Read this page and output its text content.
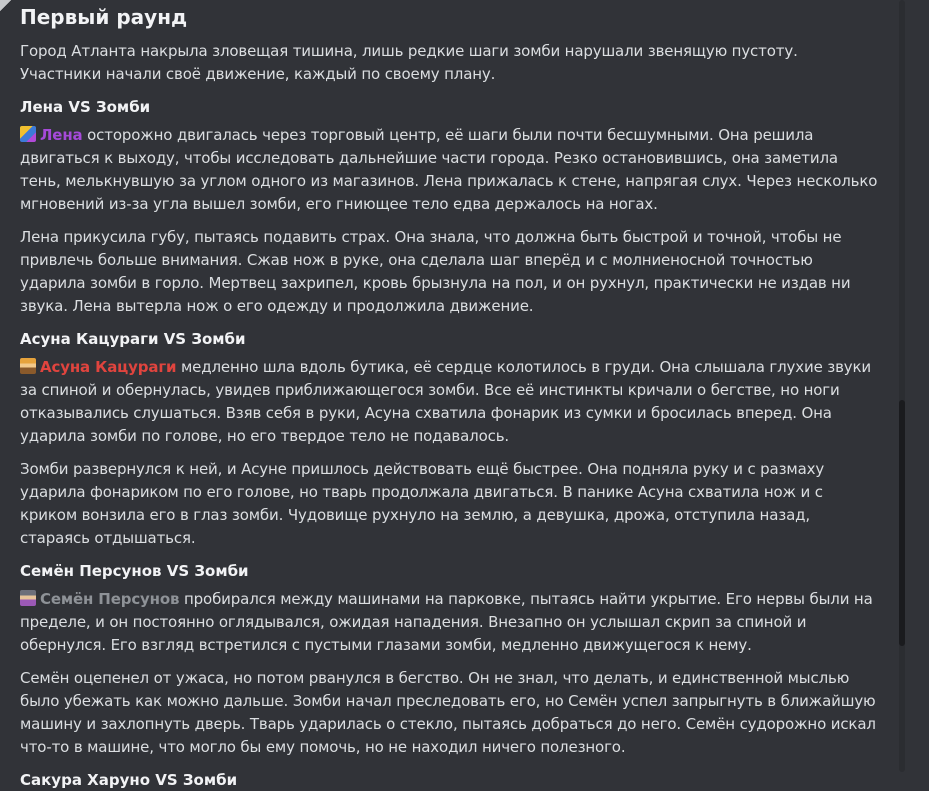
Первый раунд

Город Атланта накрыла зловещая тишина, лишь редкие шаги зомби нарушали звенящую пустоту. Участники начали своё движение, каждый по своему плану.

Лена VS Зомби

Лена осторожно двигалась через торговый центр, её шаги были почти бесшумными. Она решила двигаться к выходу, чтобы исследовать дальнейшие части города. Резко остановившись, она заметила тень, мелькнувшую за углом одного из магазинов. Лена прижалась к стене, напрягая слух. Через несколько мгновений из-за угла вышел зомби, его гниющее тело едва держалось на ногах.

Лена прикусила губу, пытаясь подавить страх. Она знала, что должна быть быстрой и точной, чтобы не привлечь больше внимания. Сжав нож в руке, она сделала шаг вперёд и с молниеносной точностью ударила зомби в горло. Мертвец захрипел, кровь брызнула на пол, и он рухнул, практически не издав ни звука. Лена вытерла нож о его одежду и продолжила движение.

Асуна Кацураги VS Зомби

Асуна Кацураги медленно шла вдоль бутика, её сердце колотилось в груди. Она слышала глухие звуки за спиной и обернулась, увидев приближающегося зомби. Все её инстинкты кричали о бегстве, но ноги отказывались слушаться. Взяв себя в руки, Асуна схватила фонарик из сумки и бросилась вперед. Она ударила зомби по голове, но его твердое тело не подавалось.

Зомби развернулся к ней, и Асуне пришлось действовать ещё быстрее. Она подняла руку и с размаху ударила фонариком по его голове, но тварь продолжала двигаться. В панике Асуна схватила нож и с криком вонзила его в глаз зомби. Чудовище рухнуло на землю, а девушка, дрожа, отступила назад, стараясь отдышаться.

Семён Персунов VS Зомби

Семён Персунов пробирался между машинами на парковке, пытаясь найти укрытие. Его нервы были на пределе, и он постоянно оглядывался, ожидая нападения. Внезапно он услышал скрип за спиной и обернулся. Его взгляд встретился с пустыми глазами зомби, медленно движущегося к нему.

Семён оцепенел от ужаса, но потом рванулся в бегство. Он не знал, что делать, и единственной мыслью было убежать как можно дальше. Зомби начал преследовать его, но Семён успел запрыгнуть в ближайшую машину и захлопнуть дверь. Тварь ударилась о стекло, пытаясь добраться до него. Семён судорожно искал что-то в машине, что могло бы ему помочь, но не находил ничего полезного.

Сакура Харуно VS Зомби
